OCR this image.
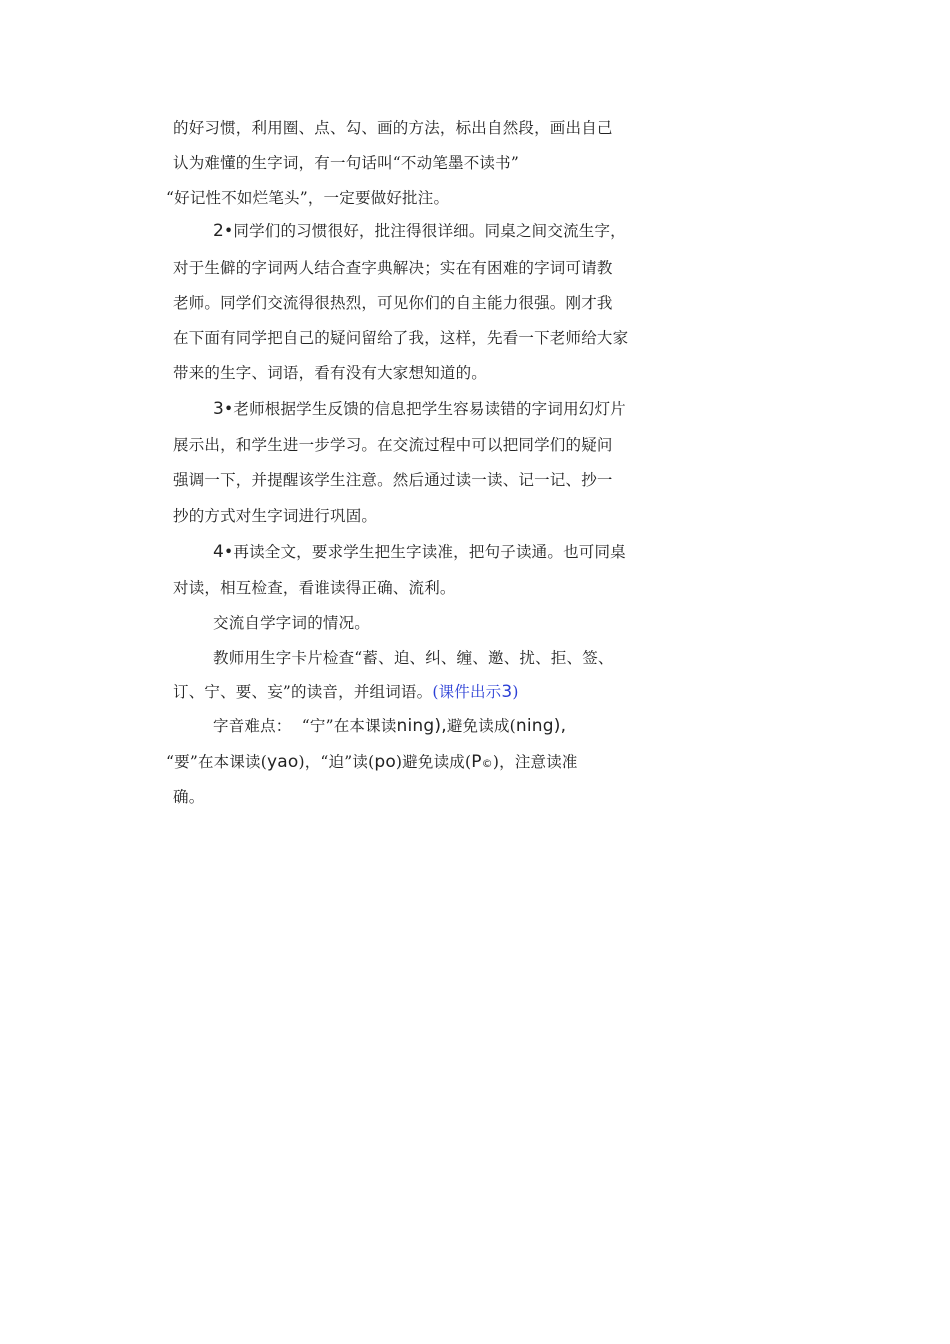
的好习惯，利用圈、点、勾、画的方法，标出自然段，画出自己
认为难懂的生字词，有一句话叫“不动笔墨不读书”
“好记性不如烂笔头”，一定要做好批注。
2•同学们的习惯很好，批注得很详细。同桌之间交流生字，
对于生僻的字词两人结合查字典解决；实在有困难的字词可请教
老师。同学们交流得很热烈，可见你们的自主能力很强。刚才我
在下面有同学把自己的疑问留给了我，这样，先看一下老师给大家
带来的生字、词语，看有没有大家想知道的。
3•老师根据学生反馈的信息把学生容易读错的字词用幻灯片
展示出，和学生进一步学习。在交流过程中可以把同学们的疑问
强调一下，并提醒该学生注意。然后通过读一读、记一记、抄一
抄的方式对生字词进行巩固。
4•再读全文，要求学生把生字读准，把句子读通。也可同桌
对读，相互检查，看谁读得正确、流利。
交流自学字词的情况。
教师用生字卡片检查“蓄、迫、纠、缠、邀、扰、拒、签、
订、宁、要、妄”的读音，并组词语。(课件出示3)
字音难点： “宁”在本课读ning),避免读成(ning),
“要”在本课读(yao)，“迫”读(po)避免读成(P©)，注意读准
确。
